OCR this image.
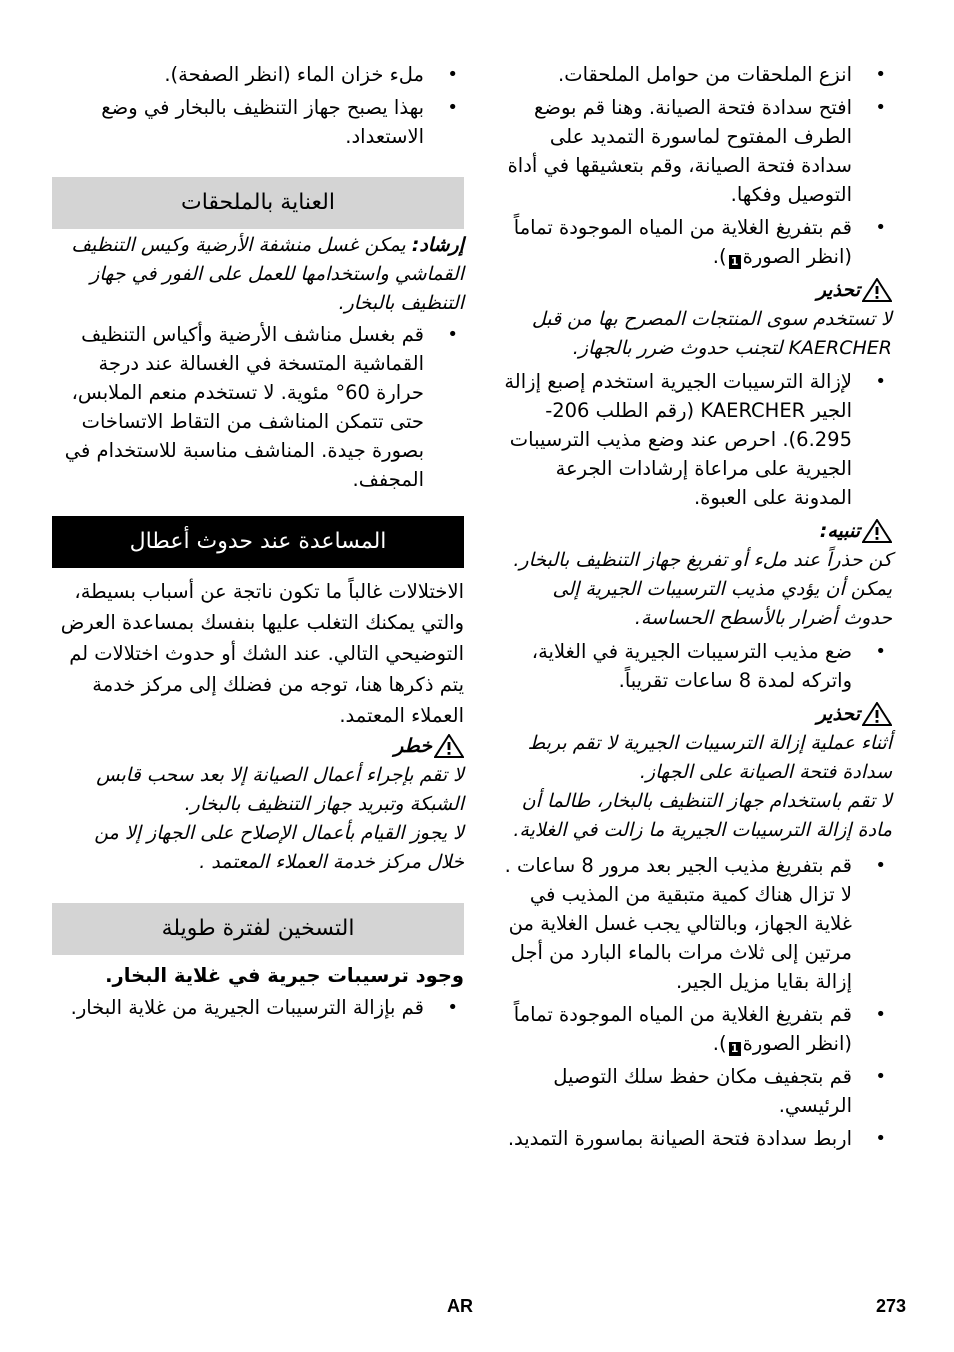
• انزع الملحقات من حوامل الملحقات.
• افتح سدادة فتحة الصيانة. وهنا قم بوضع الطرف المفتوح لماسورة التمديد على سدادة فتحة الصيانة، وقم بتعشيقها في أداة التوصيل وفكها.
• قم بتفريغ الغلاية من المياه الموجودة تماماً (انظر الصورة1).
تحذير

لا تستخدم سوى المنتجات المصرح بها من قبل KAERCHER لتجنب حدوث ضرر بالجهاز.

• لإزالة الترسيبات الجيرية استخدم إصبع إزالة الجير KAERCHER (رقم الطلب 206-6.295). احرص عند وضع مذيب الترسيبات الجيرية على مراعاة إرشادات الجرعة المدونة على العبوة.
تنبيه:

كن حذراً عند ملء أو تفريغ جهاز التنظيف بالبخار. يمكن أن يؤدي مذيب الترسيبات الجيرية إلى حدوث أضرار بالأسطح الحساسة.

• ضع مذيب الترسيبات الجيرية في الغلاية، واتركه لمدة 8 ساعات تقريباً.
تحذير

أثناء عملية إزالة الترسيبات الجيرية لا تقم بربط سدادة فتحة الصيانة على الجهاز.

لا تقم باستخدام جهاز التنظيف بالبخار، طالما أن مادة إزالة الترسيبات الجيرية ما زالت في الغلاية.

• قم بتفريغ مذيب الجير بعد مرور 8 ساعات . لا تزال هناك كمية متبقية من المذيب في غلاية الجهاز، وبالتالي يجب غسل الغلاية من مرتين إلى ثلاث مرات بالماء البارد من أجل إزالة بقايا مزيل الجير.
• قم بتفريغ الغلاية من المياه الموجودة تماماً (انظر الصورة1).
• قم بتجفيف مكان حفظ سلك التوصيل الرئيسي.
• اربط سدادة فتحة الصيانة بماسورة التمديد.
• ملء خزان الماء (انظر الصفحة).
• بهذا يصبح جهاز التنظيف بالبخار في وضع الاستعداد.
العناية بالملحقات

إرشاد: يمكن غسل منشفة الأرضية وكيس التنظيف القماشي واستخدامها للعمل على الفور في جهاز التنظيف بالبخار.

• قم بغسل مناشف الأرضية وأكياس التنظيف القماشية المتسخة في الغسالة عند درجة حرارة 60° مئوية. لا تستخدم منعم الملابس، حتى تتمكن المناشف من التقاط الاتساخات بصورة جيدة. المناشف مناسبة للاستخدام في المجفف.
المساعدة عند حدوث أعطال

الاختلالات غالباً ما تكون ناتجة عن أسباب بسيطة، والتي يمكنك التغلب عليها بنفسك بمساعدة العرض التوضيحي التالي. عند الشك أو حدوث اختلالات لم يتم ذكرها هنا، توجه من فضلك إلى مركز خدمة العملاء المعتمد.

خطر

لا تقم بإجراء أعمال الصيانة إلا بعد سحب قابس الشبكة وتبريد جهاز التنظيف بالبخار.

لا يجوز القيام بأعمال الإصلاح على الجهاز إلا من خلال مركز خدمة العملاء المعتمد .

التسخين لفترة طويلة

وجود ترسيبات جيرية في غلاية البخار.

• قم بإزالة الترسيبات الجيرية من غلاية البخار.
273
AR
